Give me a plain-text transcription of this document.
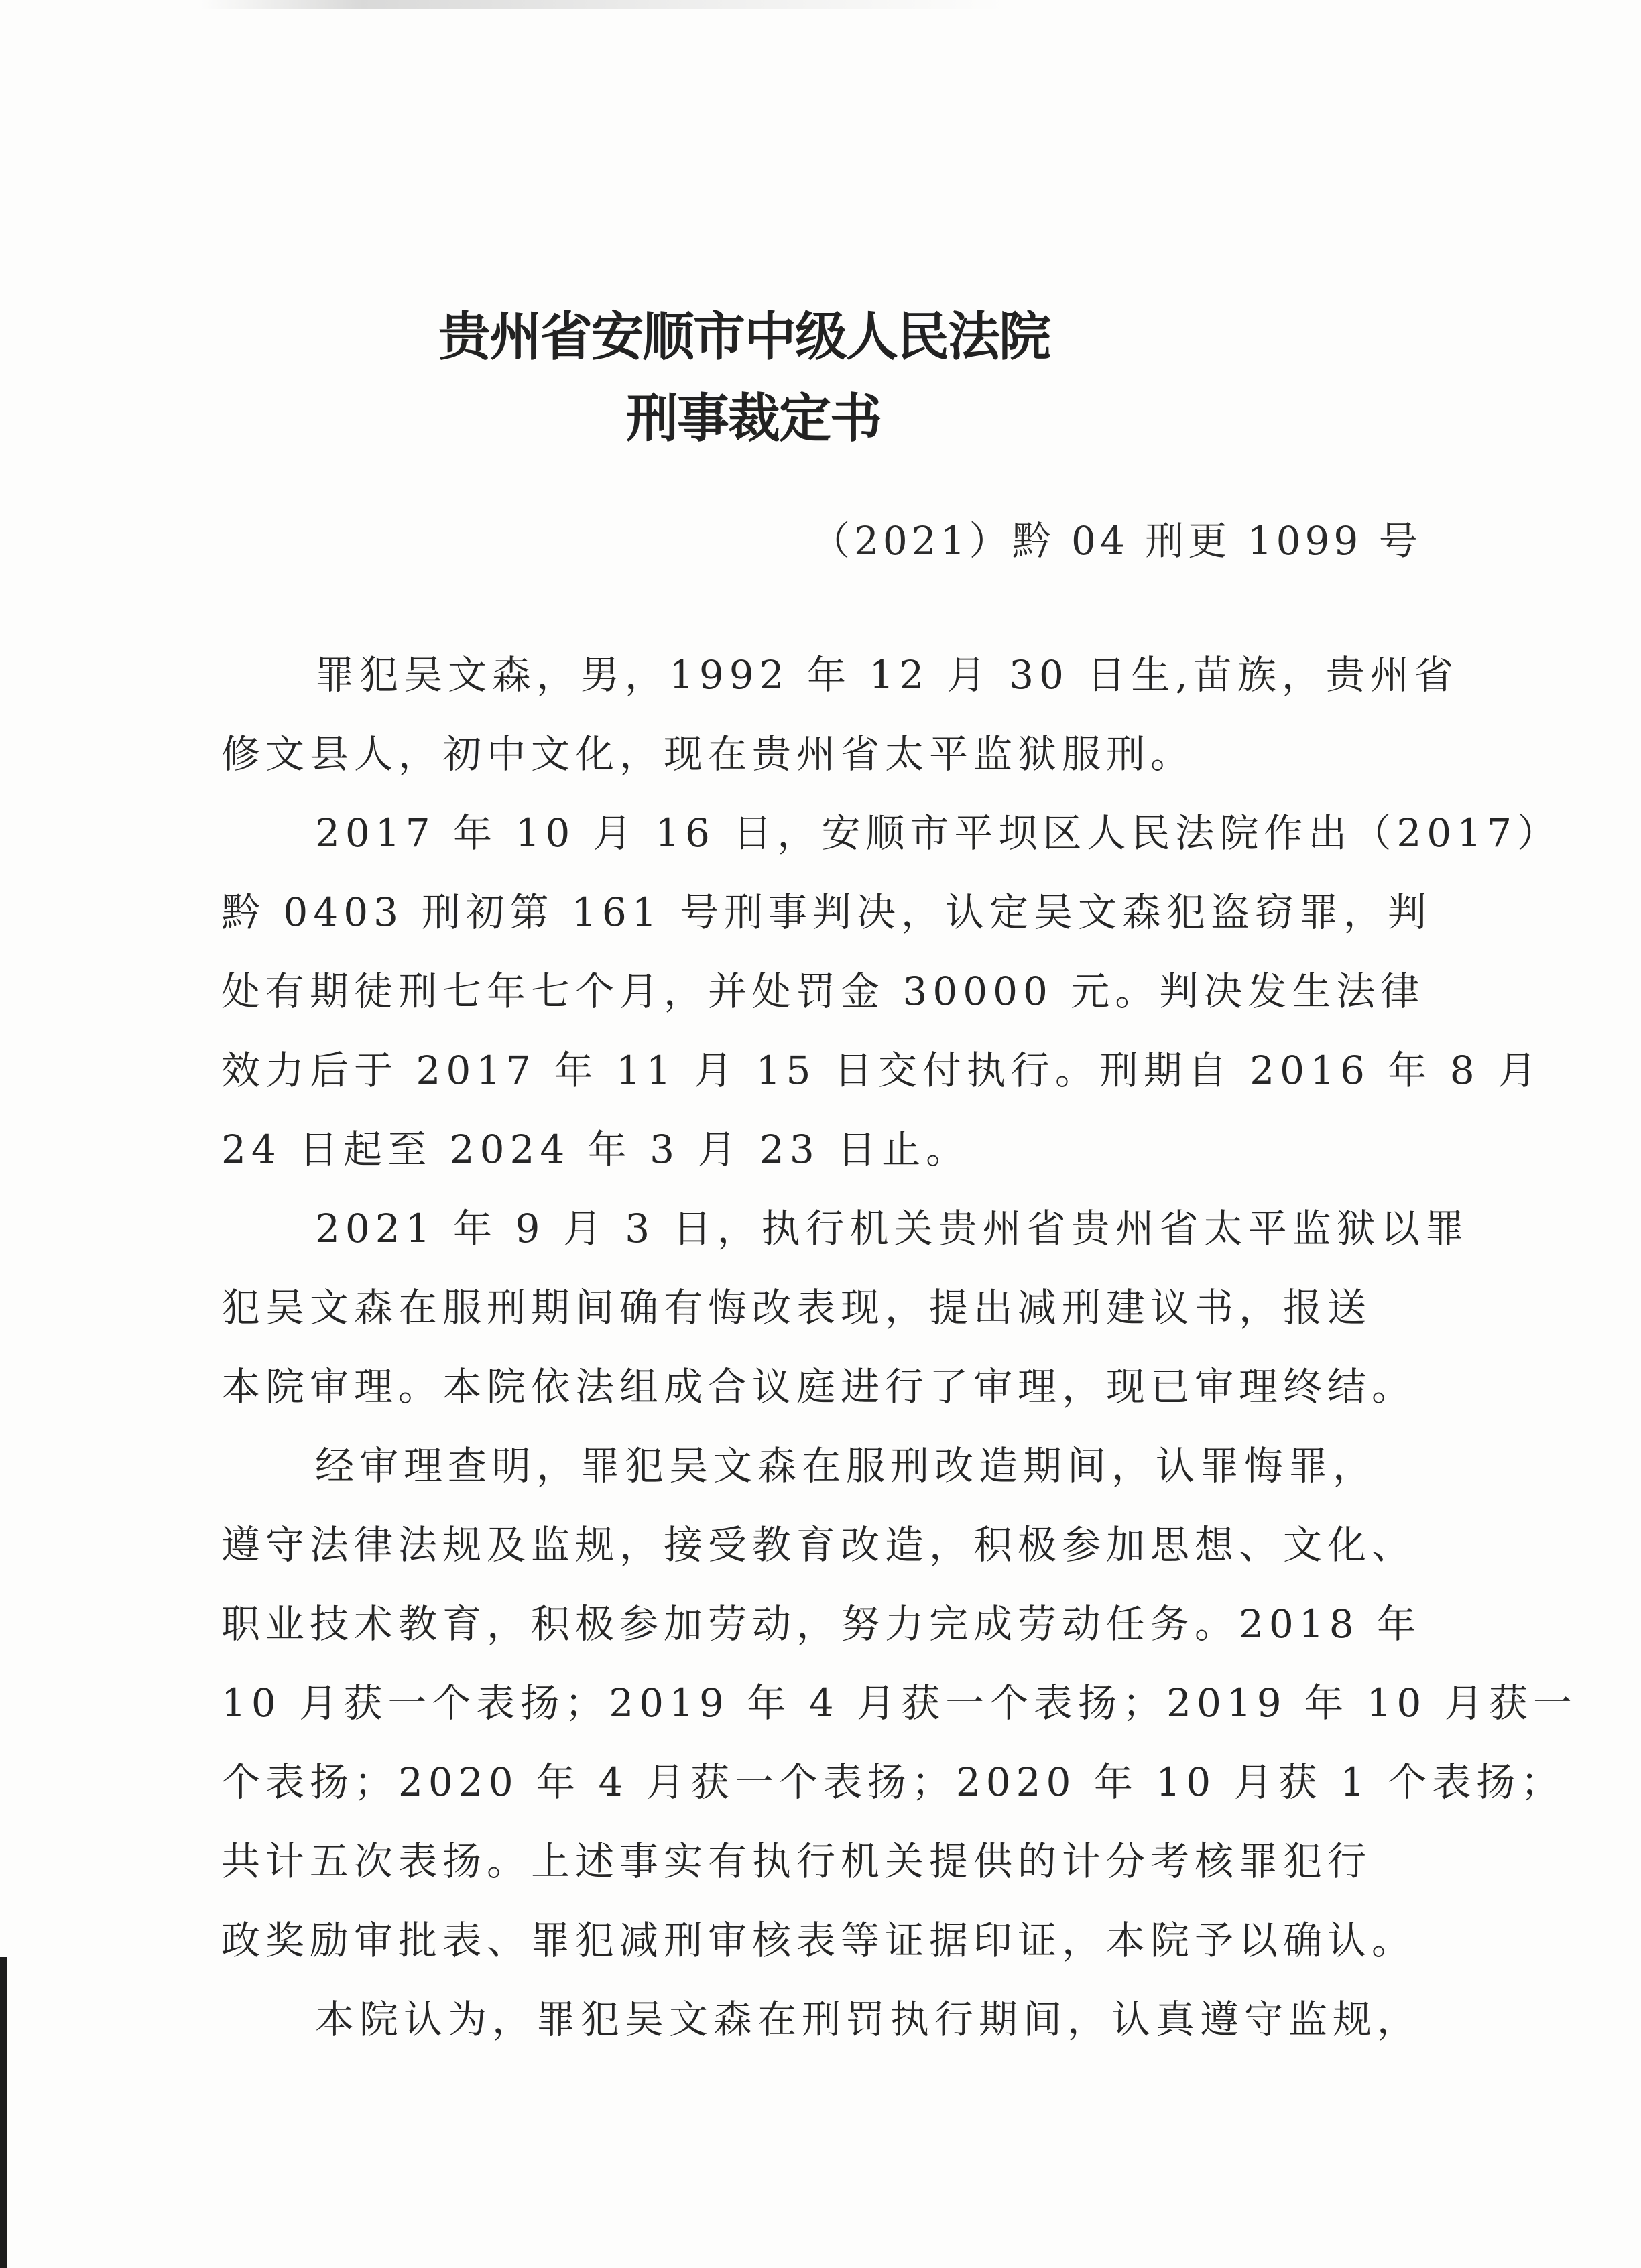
贵州省安顺市中级人民法院
刑事裁定书
（2021）黔 04 刑更 1099 号
罪犯吴文森，男，1992 年 12 月 30 日生,苗族，贵州省
修文县人，初中文化，现在贵州省太平监狱服刑。
2017 年 10 月 16 日，安顺市平坝区人民法院作出（2017）
黔 0403 刑初第 161 号刑事判决，认定吴文森犯盗窃罪，判
处有期徒刑七年七个月，并处罚金 30000 元。判决发生法律
效力后于 2017 年 11 月 15 日交付执行。刑期自 2016 年 8 月
24 日起至 2024 年 3 月 23 日止。
2021 年 9 月 3 日，执行机关贵州省贵州省太平监狱以罪
犯吴文森在服刑期间确有悔改表现，提出减刑建议书，报送
本院审理。本院依法组成合议庭进行了审理，现已审理终结。
经审理查明，罪犯吴文森在服刑改造期间，认罪悔罪，
遵守法律法规及监规，接受教育改造，积极参加思想、文化、
职业技术教育，积极参加劳动，努力完成劳动任务。2018 年
10 月获一个表扬；2019 年 4 月获一个表扬；2019 年 10 月获一
个表扬；2020 年 4 月获一个表扬；2020 年 10 月获 1 个表扬；
共计五次表扬。上述事实有执行机关提供的计分考核罪犯行
政奖励审批表、罪犯减刑审核表等证据印证，本院予以确认。
本院认为，罪犯吴文森在刑罚执行期间，认真遵守监规，
